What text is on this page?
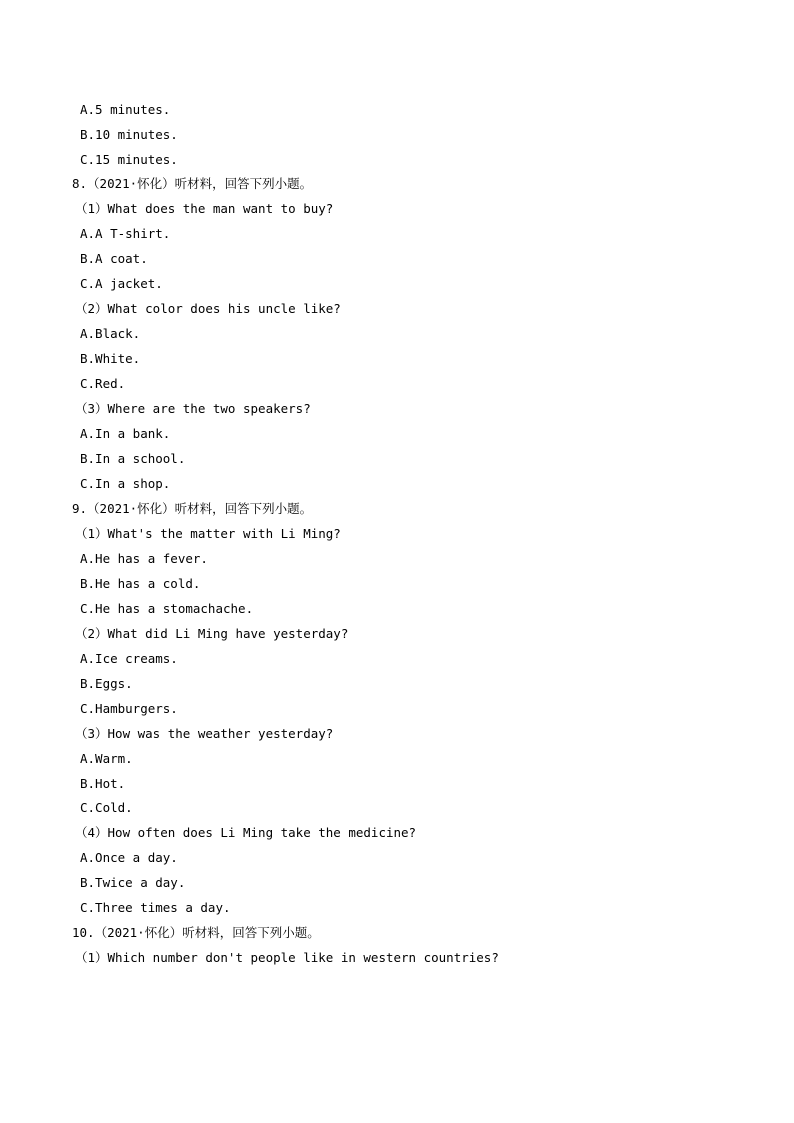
A.5 minutes.
B.10 minutes.
C.15 minutes.
8.（2021·怀化）听材料，回答下列小题。
（1）What does the man want to buy?
A.A T-shirt.
B.A coat.
C.A jacket.
（2）What color does his uncle like?
A.Black.
B.White.
C.Red.
（3）Where are the two speakers?
A.In a bank.
B.In a school.
C.In a shop.
9.（2021·怀化）听材料，回答下列小题。
（1）What's the matter with Li Ming?
A.He has a fever.
B.He has a cold.
C.He has a stomachache.
（2）What did Li Ming have yesterday?
A.Ice creams.
B.Eggs.
C.Hamburgers.
（3）How was the weather yesterday?
A.Warm.
B.Hot.
C.Cold.
（4）How often does Li Ming take the medicine?
A.Once a day.
B.Twice a day.
C.Three times a day.
10.（2021·怀化）听材料，回答下列小题。
（1）Which number don't people like in western countries?
